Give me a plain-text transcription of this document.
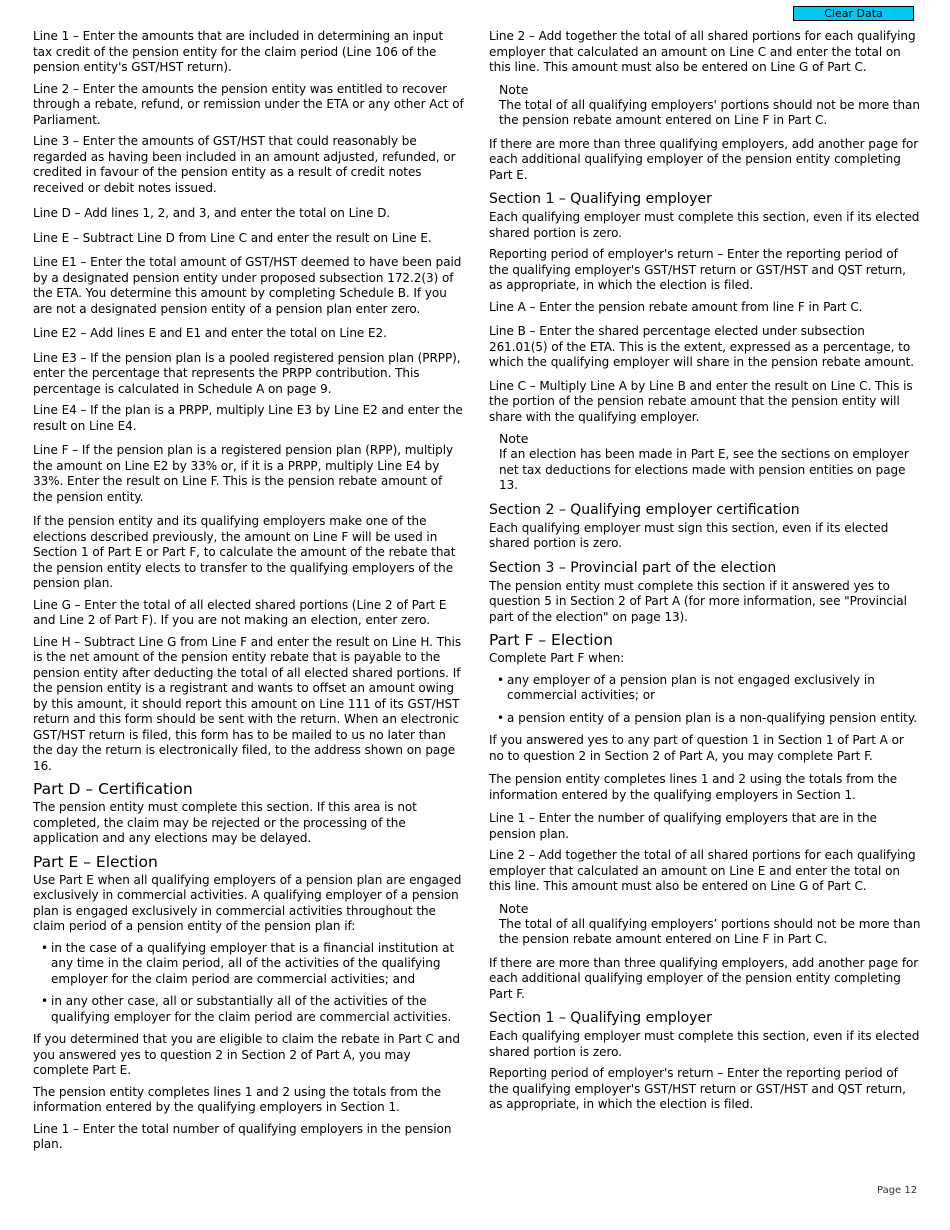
Clear Data

Line 1 – Enter the amounts that are included in determining an input tax credit of the pension entity for the claim period (Line 106 of the pension entity's GST/HST return).

Line 2 – Enter the amounts the pension entity was entitled to recover through a rebate, refund, or remission under the ETA or any other Act of Parliament.

Line 3 – Enter the amounts of GST/HST that could reasonably be regarded as having been included in an amount adjusted, refunded, or credited in favour of the pension entity as a result of credit notes received or debit notes issued.

Line D – Add lines 1, 2, and 3, and enter the total on Line D.

Line E – Subtract Line D from Line C and enter the result on Line E.

Line E1 – Enter the total amount of GST/HST deemed to have been paid by a designated pension entity under proposed subsection 172.2(3) of the ETA. You determine this amount by completing Schedule B. If you are not a designated pension entity of a pension plan enter zero.

Line E2 – Add lines E and E1 and enter the total on Line E2.

Line E3 – If the pension plan is a pooled registered pension plan (PRPP), enter the percentage that represents the PRPP contribution. This percentage is calculated in Schedule A on page 9.

Line E4 – If the plan is a PRPP, multiply Line E3 by Line E2 and enter the result on Line E4.

Line F – If the pension plan is a registered pension plan (RPP), multiply the amount on Line E2 by 33% or, if it is a PRPP, multiply Line E4 by 33%. Enter the result on Line F. This is the pension rebate amount of the pension entity.

If the pension entity and its qualifying employers make one of the elections described previously, the amount on Line F will be used in Section 1 of Part E or Part F, to calculate the amount of the rebate that the pension entity elects to transfer to the qualifying employers of the pension plan.

Line G – Enter the total of all elected shared portions (Line 2 of Part E and Line 2 of Part F). If you are not making an election, enter zero.

Line H – Subtract Line G from Line F and enter the result on Line H. This is the net amount of the pension entity rebate that is payable to the pension entity after deducting the total of all elected shared portions. If the pension entity is a registrant and wants to offset an amount owing by this amount, it should report this amount on Line 111 of its GST/HST return and this form should be sent with the return. When an electronic GST/HST return is filed, this form has to be mailed to us no later than the day the return is electronically filed, to the address shown on page 16.

Part D – Certification

The pension entity must complete this section. If this area is not completed, the claim may be rejected or the processing of the application and any elections may be delayed.

Part E – Election

Use Part E when all qualifying employers of a pension plan are engaged exclusively in commercial activities. A qualifying employer of a pension plan is engaged exclusively in commercial activities throughout the claim period of a pension entity of the pension plan if:

• in the case of a qualifying employer that is a financial institution at any time in the claim period, all of the activities of the qualifying employer for the claim period are commercial activities; and
• in any other case, all or substantially all of the activities of the qualifying employer for the claim period are commercial activities.

If you determined that you are eligible to claim the rebate in Part C and you answered yes to question 2 in Section 2 of Part A, you may complete Part E.

The pension entity completes lines 1 and 2 using the totals from the information entered by the qualifying employers in Section 1.

Line 1 – Enter the total number of qualifying employers in the pension plan.

Line 2 – Add together the total of all shared portions for each qualifying employer that calculated an amount on Line C and enter the total on this line. This amount must also be entered on Line G of Part C.

Note

The total of all qualifying employers' portions should not be more than the pension rebate amount entered on Line F in Part C.

If there are more than three qualifying employers, add another page for each additional qualifying employer of the pension entity completing Part E.

Section 1 – Qualifying employer

Each qualifying employer must complete this section, even if its elected shared portion is zero.

Reporting period of employer's return – Enter the reporting period of the qualifying employer's GST/HST return or GST/HST and QST return, as appropriate, in which the election is filed.

Line A – Enter the pension rebate amount from line F in Part C.

Line B – Enter the shared percentage elected under subsection 261.01(5) of the ETA. This is the extent, expressed as a percentage, to which the qualifying employer will share in the pension rebate amount.

Line C – Multiply Line A by Line B and enter the result on Line C. This is the portion of the pension rebate amount that the pension entity will share with the qualifying employer.

Note

If an election has been made in Part E, see the sections on employer net tax deductions for elections made with pension entities on page 13.

Section 2 – Qualifying employer certification

Each qualifying employer must sign this section, even if its elected shared portion is zero.

Section 3 – Provincial part of the election

The pension entity must complete this section if it answered yes to question 5 in Section 2 of Part A (for more information, see "Provincial part of the election" on page 13).

Part F – Election

Complete Part F when:

• any employer of a pension plan is not engaged exclusively in commercial activities; or
• a pension entity of a pension plan is a non-qualifying pension entity.

If you answered yes to any part of question 1 in Section 1 of Part A or no to question 2 in Section 2 of Part A, you may complete Part F.

The pension entity completes lines 1 and 2 using the totals from the information entered by the qualifying employers in Section 1.

Line 1 – Enter the number of qualifying employers that are in the pension plan.

Line 2 – Add together the total of all shared portions for each qualifying employer that calculated an amount on Line E and enter the total on this line. This amount must also be entered on Line G of Part C.

Note

The total of all qualifying employers’ portions should not be more than the pension rebate amount entered on Line F in Part C.

If there are more than three qualifying employers, add another page for each additional qualifying employer of the pension entity completing Part F.

Section 1 – Qualifying employer

Each qualifying employer must complete this section, even if its elected shared portion is zero.

Reporting period of employer's return – Enter the reporting period of the qualifying employer's GST/HST return or GST/HST and QST return, as appropriate, in which the election is filed.

Page 12
